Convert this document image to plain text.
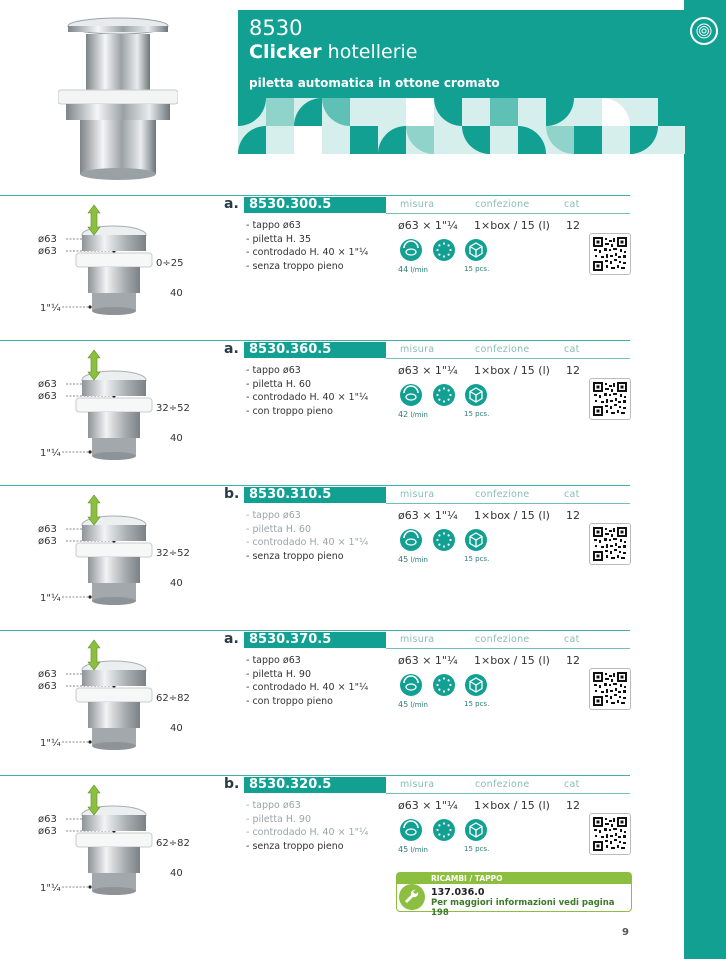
8530
Clicker hotellerie
piletta automatica in ottone cromato
ø63
ø63
0÷25
40
1"¼
a. 8530.300.5	misura	confezione	cat
- tappo ø63
- piletta H. 35
- controdado H. 40 × 1"¼
- senza troppo pieno
ø63 × 1"¼ 1×box / 15 (l) 12
44 l/min	15 pcs.
ø63
ø63
32÷52
40
1"¼
a. 8530.360.5	misura	confezione	cat
- tappo ø63
- piletta H. 60
- controdado H. 40 × 1"¼
- con troppo pieno
ø63 × 1"¼ 1×box / 15 (l) 12
42 l/min	15 pcs.
ø63
ø63
32÷52
40
1"¼
b. 8530.310.5	misura	confezione	cat
- tappo ø63
- piletta H. 60
- controdado H. 40 × 1"¼
- senza troppo pieno
ø63 × 1"¼ 1×box / 15 (l) 12
45 l/min	15 pcs.
ø63
ø63
62÷82
40
1"¼
a. 8530.370.5	misura	confezione	cat
- tappo ø63
- piletta H. 90
- controdado H. 40 × 1"¼
- con troppo pieno
ø63 × 1"¼ 1×box / 15 (l) 12
45 l/min	15 pcs.
ø63
ø63
62÷82
40
1"¼
b. 8530.320.5	misura	confezione	cat
- tappo ø63
- piletta H. 90
- controdado H. 40 × 1"¼
- senza troppo pieno
ø63 × 1"¼ 1×box / 15 (l) 12
45 l/min	15 pcs.
RICAMBI / TAPPO
137.036.0
Per maggiori informazioni vedi pagina 198
9
